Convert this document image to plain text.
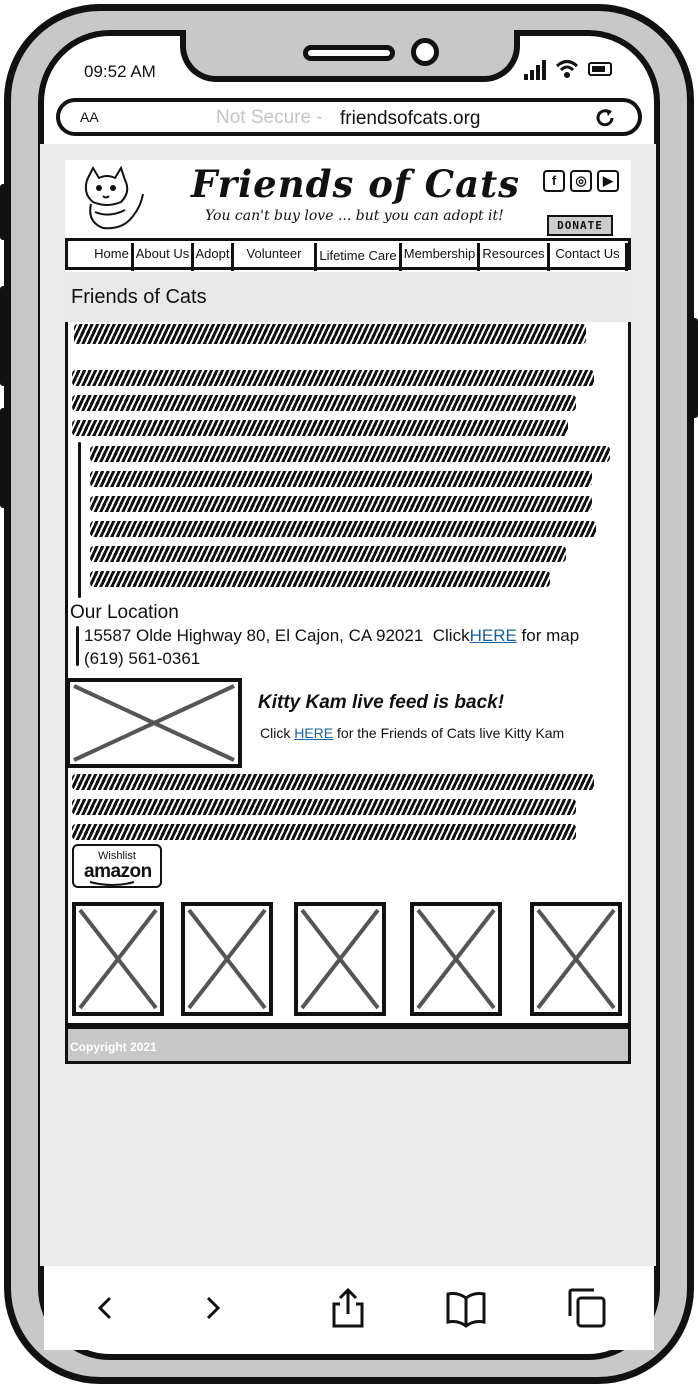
09:52 AM
AA	Not Secure - friendsofcats.org
Friends of Cats
You can't buy love ... but you can adopt it!
f	◎	▶
DONATE
Home About Us Adopt	Volunteer	Lifetime Care Membership Resources Contact Us
Friends of Cats
Our Location
15587 Olde Highway 80, El Cajon, CA 92021 ClickHERE for map
(619) 561-0361
Kitty Kam live feed is back!
Click HERE for the Friends of Cats live Kitty Kam
Wishlist
amazon
Copyright 2021
